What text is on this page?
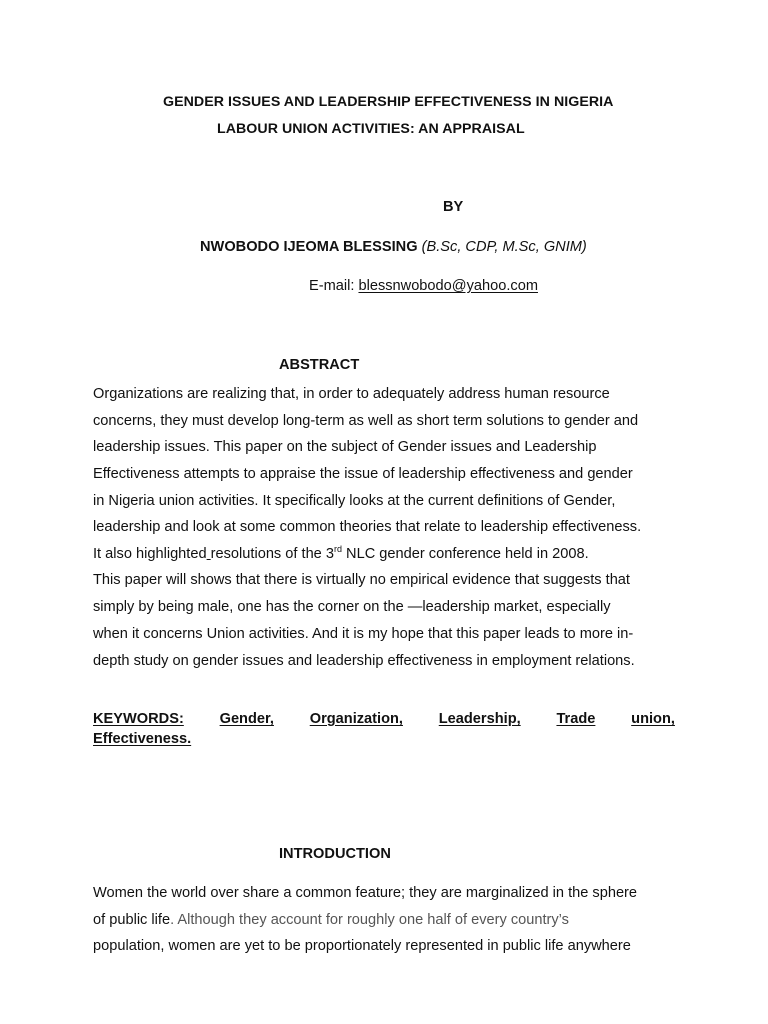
GENDER ISSUES AND LEADERSHIP EFFECTIVENESS IN NIGERIA
LABOUR UNION ACTIVITIES: AN APPRAISAL
BY
NWOBODO IJEOMA BLESSING (B.Sc, CDP, M.Sc, GNIM)
E-mail: blessnwobodo@yahoo.com
ABSTRACT
Organizations are realizing that, in order to adequately address human resource
concerns, they must develop long-term as well as short term solutions to gender and
leadership issues. This paper on the subject of Gender issues and Leadership
Effectiveness attempts to appraise the issue of leadership effectiveness and gender
in Nigeria union activities. It specifically looks at the current definitions of Gender,
leadership and look at some common theories that relate to leadership effectiveness.
It also highlighted resolutions of the 3rd NLC gender conference held in 2008.
This paper will shows that there is virtually no empirical evidence that suggests that
simply by being male, one has the corner on the —leadership market, especially
when it concerns Union activities. And it is my hope that this paper leads to more in-
depth study on gender issues and leadership effectiveness in employment relations.
KEYWORDS: Gender, Organization, Leadership, Trade union,
Effectiveness.
INTRODUCTION
Women the world over share a common feature; they are marginalized in the sphere
of public life. Although they account for roughly one half of every country’s
population, women are yet to be proportionately represented in public life anywhere
